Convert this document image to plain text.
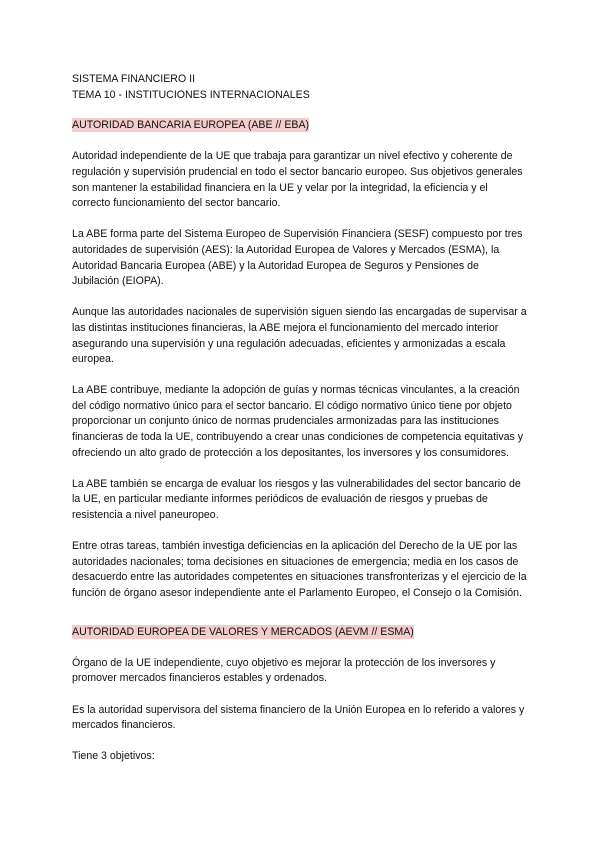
SISTEMA FINANCIERO II

TEMA 10 - INSTITUCIONES INTERNACIONALES

AUTORIDAD BANCARIA EUROPEA (ABE // EBA)

Autoridad independiente de la UE que trabaja para garantizar un nivel efectivo y coherente de regulación y supervisión prudencial en todo el sector bancario europeo. Sus objetivos generales son mantener la estabilidad financiera en la UE y velar por la integridad, la eficiencia y el correcto funcionamiento del sector bancario.

La ABE forma parte del Sistema Europeo de Supervisión Financiera (SESF) compuesto por tres autoridades de supervisión (AES): la Autoridad Europea de Valores y Mercados (ESMA), la Autoridad Bancaria Europea (ABE) y la Autoridad Europea de Seguros y Pensiones de Jubilación (EIOPA).

Aunque las autoridades nacionales de supervisión siguen siendo las encargadas de supervisar a las distintas instituciones financieras, la ABE mejora el funcionamiento del mercado interior asegurando una supervisión y una regulación adecuadas, eficientes y armonizadas a escala europea.

La ABE contribuye, mediante la adopción de guías y normas técnicas vinculantes, a la creación del código normativo único para el sector bancario. El código normativo único tiene por objeto proporcionar un conjunto único de normas prudenciales armonizadas para las instituciones financieras de toda la UE, contribuyendo a crear unas condiciones de competencia equitativas y ofreciendo un alto grado de protección a los depositantes, los inversores y los consumidores.

La ABE también se encarga de evaluar los riesgos y las vulnerabilidades del sector bancario de la UE, en particular mediante informes periódicos de evaluación de riesgos y pruebas de resistencia a nivel paneuropeo.

Entre otras tareas, también investiga deficiencias en la aplicación del Derecho de la UE por las autoridades nacionales; toma decisiones en situaciones de emergencia; media en los casos de desacuerdo entre las autoridades competentes en situaciones transfronterizas y el ejercicio de la función de órgano asesor independiente ante el Parlamento Europeo, el Consejo o la Comisión.

AUTORIDAD EUROPEA DE VALORES Y MERCADOS (AEVM // ESMA)

Órgano de la UE independiente, cuyo objetivo es mejorar la protección de los inversores y promover mercados financieros estables y ordenados.

Es la autoridad supervisora del sistema financiero de la Unión Europea en lo referido a valores y mercados financieros.

Tiene 3 objetivos:
